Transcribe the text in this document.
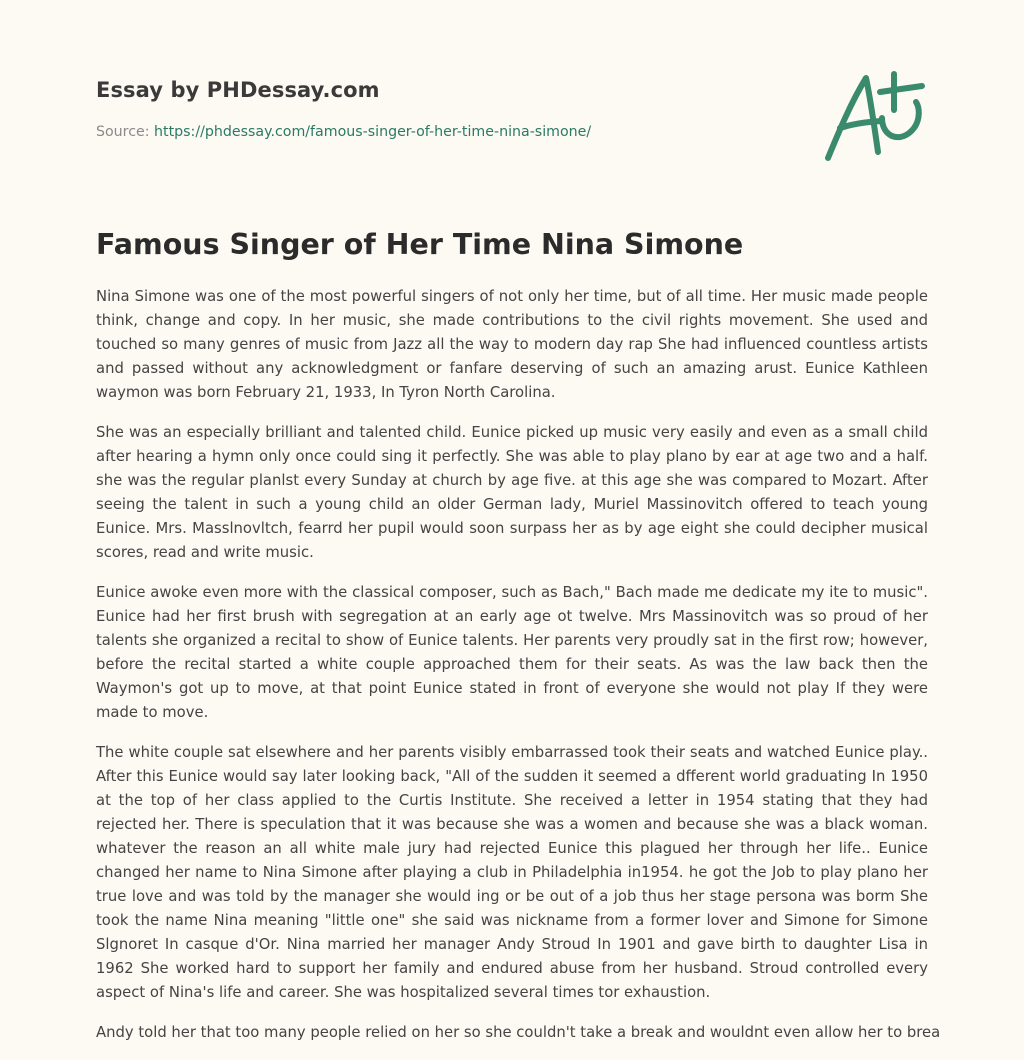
Essay by PHDessay.com
Source: https://phdessay.com/famous-singer-of-her-time-nina-simone/
Famous Singer of Her Time Nina Simone

Nina Simone was one of the most powerful singers of not only her time, but of all time. Her music made people think, change and copy. In her music, she made contributions to the civil rights movement. She used and touched so many genres of music from Jazz all the way to modern day rap She had influenced countless artists and passed without any acknowledgment or fanfare deserving of such an amazing arust. Eunice Kathleen waymon was born February 21, 1933, In Tyron North Carolina.

She was an especially brilliant and talented child. Eunice picked up music very easily and even as a small child after hearing a hymn only once could sing it perfectly. She was able to play plano by ear at age two and a half. she was the regular planlst every Sunday at church by age five. at this age she was compared to Mozart. After seeing the talent in such a young child an older German lady, Muriel Massinovitch offered to teach young Eunice. Mrs. Masslnovltch, fearrd her pupil would soon surpass her as by age eight she could decipher musical scores, read and write music.

Eunice awoke even more with the classical composer, such as Bach," Bach made me dedicate my ite to music". Eunice had her first brush with segregation at an early age ot twelve. Mrs Massinovitch was so proud of her talents she organized a recital to show of Eunice talents. Her parents very proudly sat in the first row; however, before the recital started a white couple approached them for their seats. As was the law back then the Waymon's got up to move, at that point Eunice stated in front of everyone she would not play If they were made to move.

The white couple sat elsewhere and her parents visibly embarrassed took their seats and watched Eunice play.. After this Eunice would say later looking back, "All of the sudden it seemed a dfferent world graduating In 1950 at the top of her class applied to the Curtis Institute. She received a letter in 1954 stating that they had rejected her. There is speculation that it was because she was a women and because she was a black woman. whatever the reason an all white male jury had rejected Eunice this plagued her through her life.. Eunice changed her name to Nina Simone after playing a club in Philadelphia in1954. he got the Job to play plano her true love and was told by the manager she would ing or be out of a job thus her stage persona was borm She took the name Nina meaning "little one" she said was nickname from a former lover and Simone for Simone Slgnoret In casque d'Or. Nina married her manager Andy Stroud In 1901 and gave birth to daughter Lisa in 1962 She worked hard to support her family and endured abuse from her husband. Stroud controlled every aspect of Nina's life and career. She was hospitalized several times tor exhaustion.

Andy told her that too many people relied on her so she couldn't take a break and wouldnt even allow her to brea
